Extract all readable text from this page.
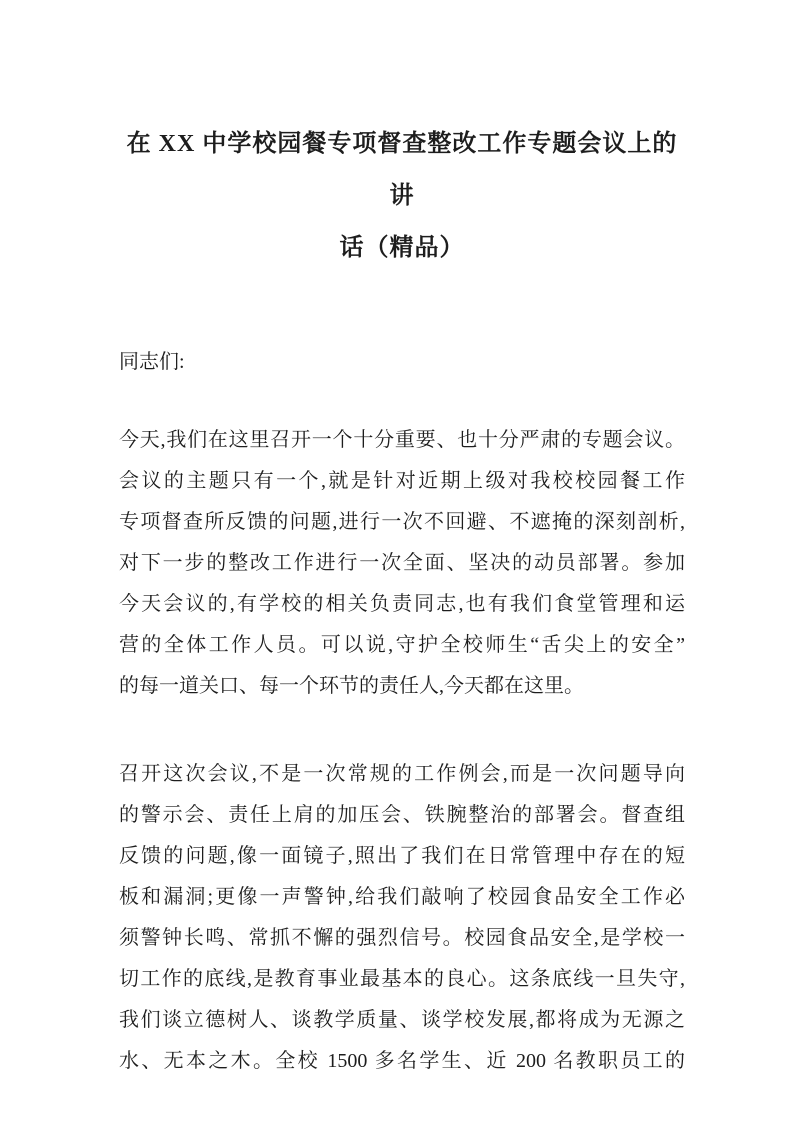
在 XX 中学校园餐专项督查整改工作专题会议上的讲
话（精品）
同志们:
今天,我们在这里召开一个十分重要、也十分严肃的专题会议。
会议的主题只有一个,就是针对近期上级对我校校园餐工作
专项督查所反馈的问题,进行一次不回避、不遮掩的深刻剖析,
对下一步的整改工作进行一次全面、坚决的动员部署。参加
今天会议的,有学校的相关负责同志,也有我们食堂管理和运
营的全体工作人员。可以说,守护全校师生“舌尖上的安全”
的每一道关口、每一个环节的责任人,今天都在这里。
召开这次会议,不是一次常规的工作例会,而是一次问题导向
的警示会、责任上肩的加压会、铁腕整治的部署会。督查组
反馈的问题,像一面镜子,照出了我们在日常管理中存在的短
板和漏洞;更像一声警钟,给我们敲响了校园食品安全工作必
须警钟长鸣、常抓不懈的强烈信号。校园食品安全,是学校一
切工作的底线,是教育事业最基本的良心。这条底线一旦失守,
我们谈立德树人、谈教学质量、谈学校发展,都将成为无源之
水、无本之木。全校 1500 多名学生、近 200 名教职员工的
